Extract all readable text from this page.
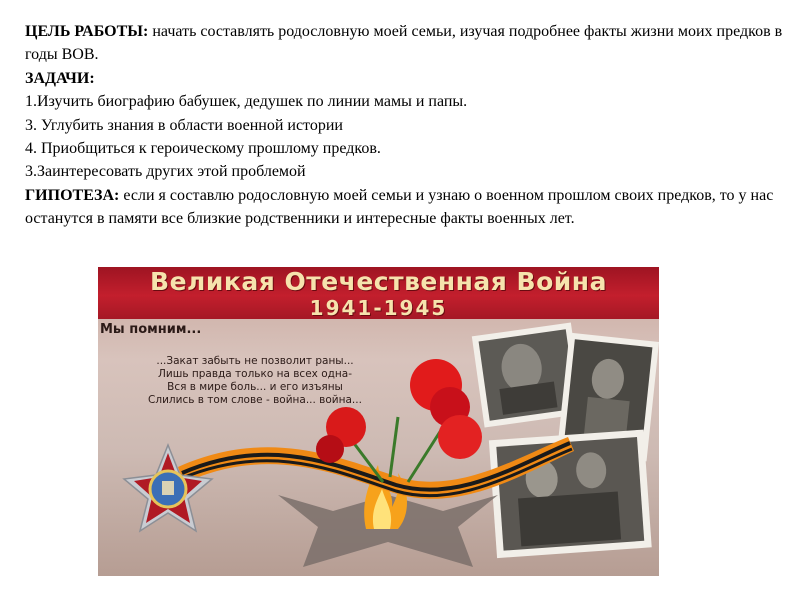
ЦЕЛЬ РАБОТЫ: начать составлять родословную моей семьи, изучая подробнее факты жизни моих предков в годы ВОВ.

ЗАДАЧИ:

1.Изучить биографию бабушек, дедушек по линии мамы и папы.

3. Углубить знания в области военной истории

4. Приобщиться к героическому прошлому предков.

3.Заинтересовать других этой проблемой

ГИПОТЕЗА: если я составлю родословную моей семьи и узнаю о военном прошлом своих предков, то у нас останутся в памяти все близкие родственники и интересные факты военных лет.

Великая Отечественная Война
1941-1945
Мы помним...
...Закат забыть не позволит раны...
Лишь правда только на всех одна-
Вся в мире боль... и его изъяны
Слились в том слове - война... война...
